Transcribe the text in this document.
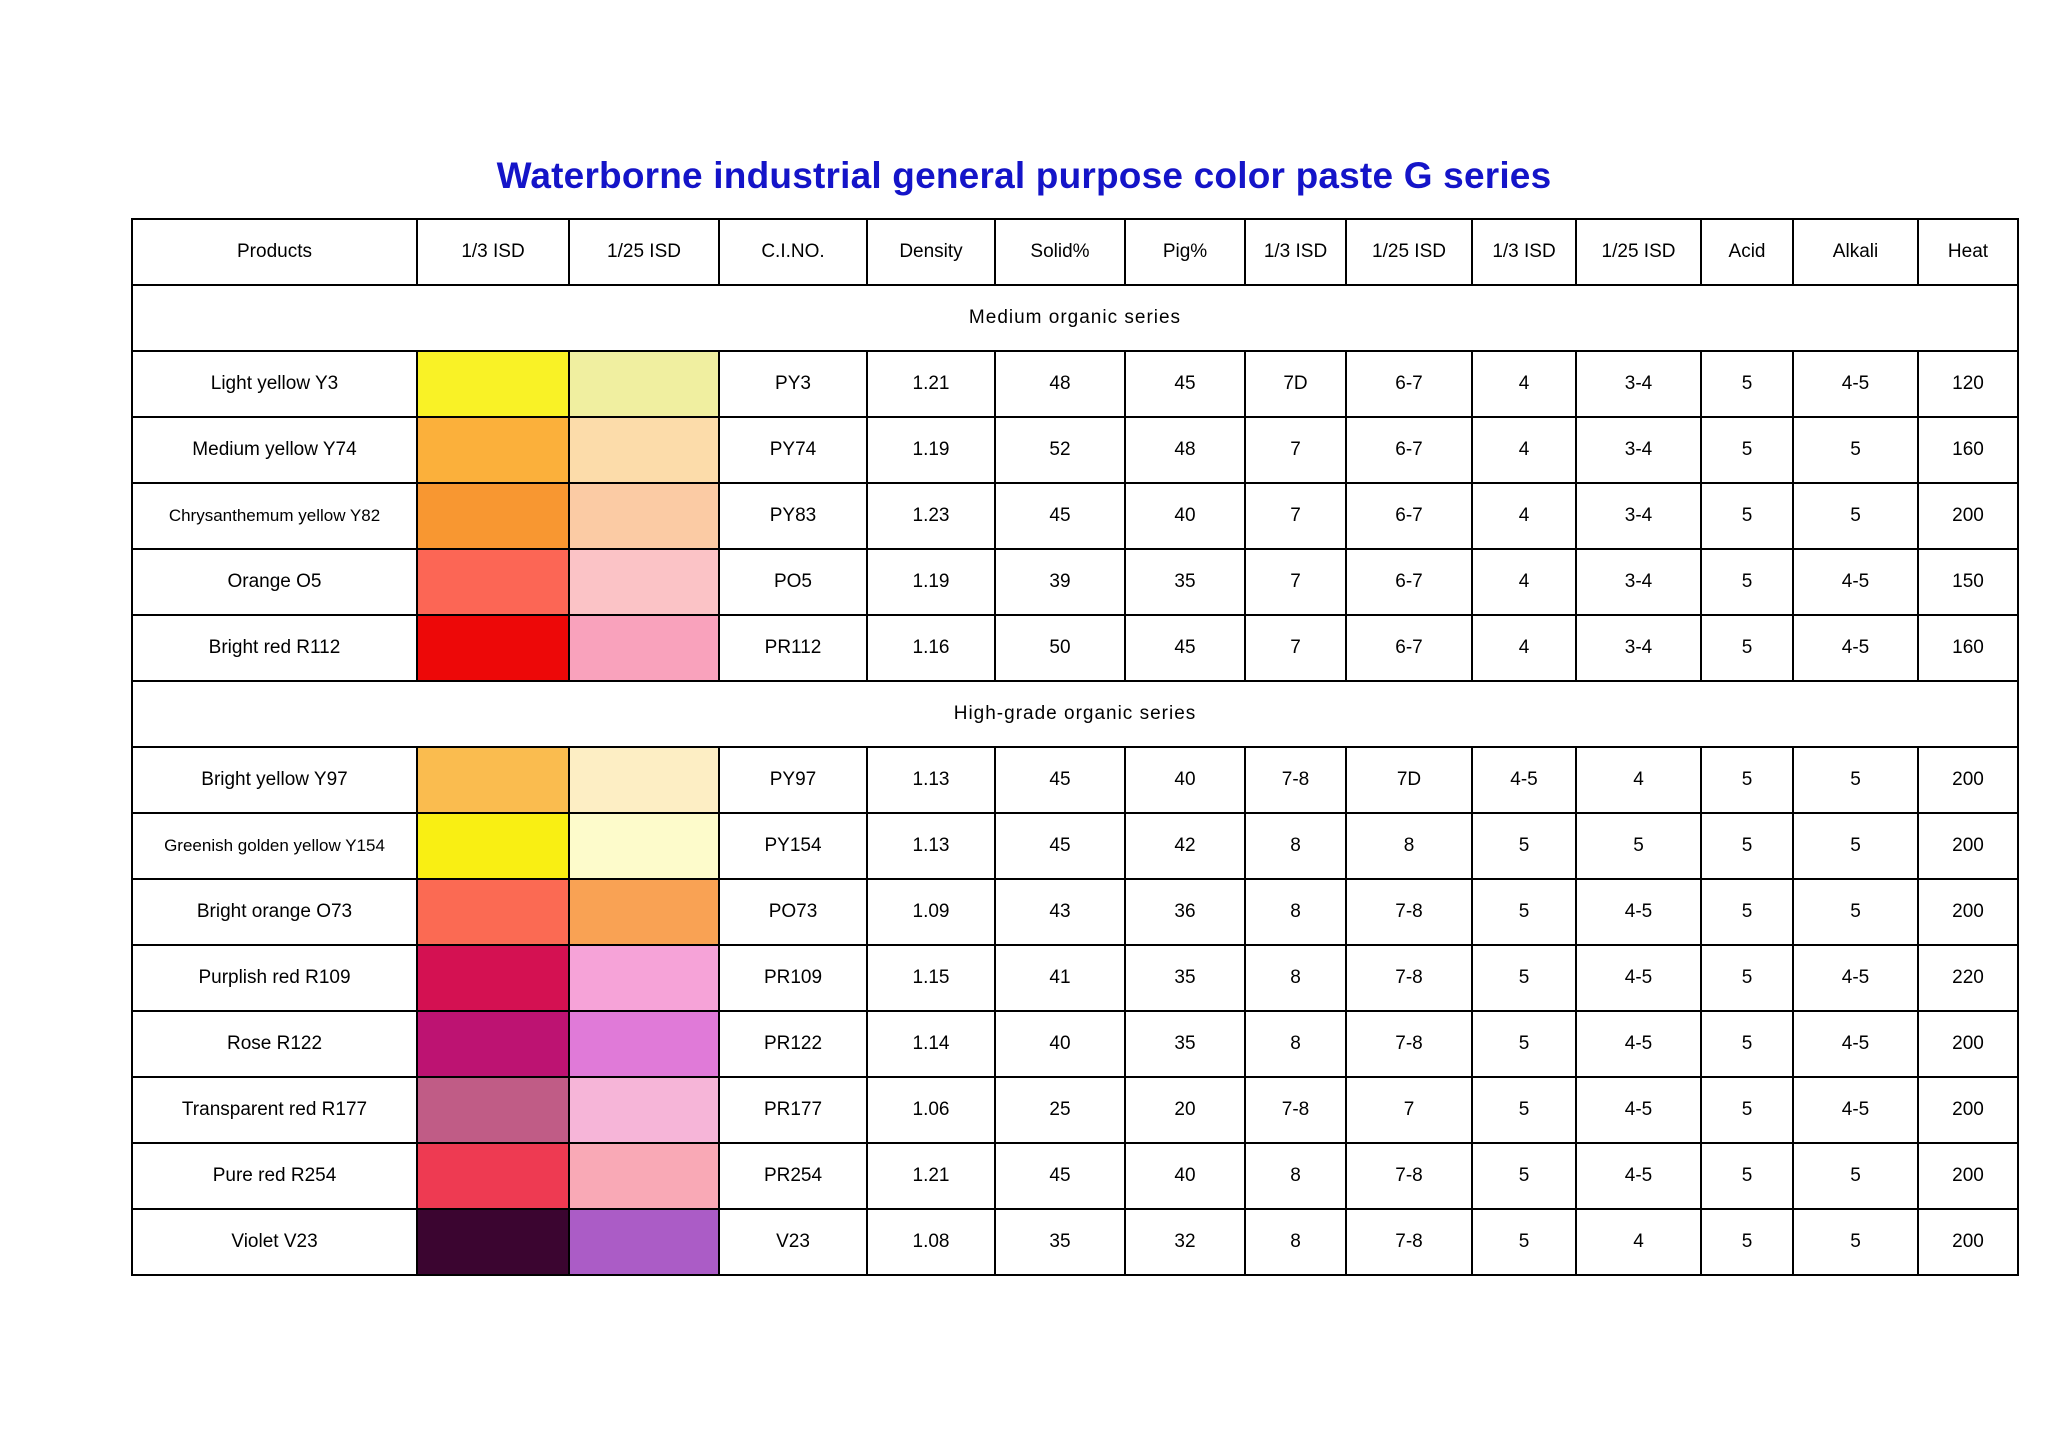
Waterborne industrial general purpose color paste G series
Products	1/3 ISD	1/25 ISD	C.I.NO.	Density	Solid%	Pig%	1/3 ISD	1/25 ISD	1/3 ISD	1/25 ISD	Acid	Alkali	Heat
Medium organic series													
Light yellow Y3			PY3	1.21	48	45	7D	6-7	4	3-4	5	4-5	120
Medium yellow Y74			PY74	1.19	52	48	7	6-7	4	3-4	5	5	160
Chrysanthemum yellow Y82			PY83	1.23	45	40	7	6-7	4	3-4	5	5	200
Orange O5			PO5	1.19	39	35	7	6-7	4	3-4	5	4-5	150
Bright red R112			PR112	1.16	50	45	7	6-7	4	3-4	5	4-5	160
High-grade organic series													
Bright yellow Y97			PY97	1.13	45	40	7-8	7D	4-5	4	5	5	200
Greenish golden yellow Y154			PY154	1.13	45	42	8	8	5	5	5	5	200
Bright orange O73			PO73	1.09	43	36	8	7-8	5	4-5	5	5	200
Purplish red R109			PR109	1.15	41	35	8	7-8	5	4-5	5	4-5	220
Rose R122			PR122	1.14	40	35	8	7-8	5	4-5	5	4-5	200
Transparent red R177			PR177	1.06	25	20	7-8	7	5	4-5	5	4-5	200
Pure red R254			PR254	1.21	45	40	8	7-8	5	4-5	5	5	200
Violet V23			V23	1.08	35	32	8	7-8	5	4	5	5	200
